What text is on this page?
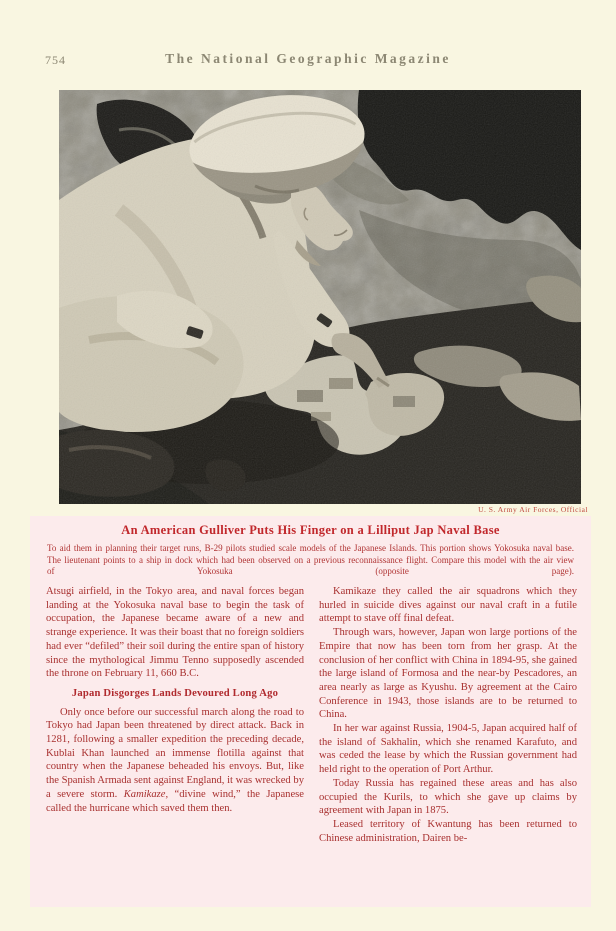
754	The National Geographic Magazine
U. S. Army Air Forces, Official
An American Gulliver Puts His Finger on a Lilliput Jap Naval Base
To aid them in planning their target runs, B-29 pilots studied scale models of the Japanese Islands. This portion shows Yokosuka naval base. The lieutenant points to a ship in dock which had been observed on a previous reconnaissance flight. Compare this model with the air view of Yokosuka (opposite page).

Atsugi airfield, in the Tokyo area, and naval forces began landing at the Yokosuka naval base to begin the task of occupation, the Japanese became aware of a new and strange experience. It was their boast that no foreign soldiers had ever “defiled” their soil during the entire span of history since the mythological Jimmu Tenno supposedly ascended the throne on February 11, 660 B.C.

Japan Disgorges Lands Devoured Long Ago

Only once before our successful march along the road to Tokyo had Japan been threatened by direct attack. Back in 1281, following a smaller expedition the preceding decade, Kublai Khan launched an immense flotilla against that country when the Japanese beheaded his envoys. But, like the Spanish Armada sent against England, it was wrecked by a severe storm. Kamikaze, “divine wind,” the Japanese called the hurricane which saved them then.

Kamikaze they called the air squadrons which they hurled in suicide dives against our naval craft in a futile attempt to stave off final defeat.

Through wars, however, Japan won large portions of the Empire that now has been torn from her grasp. At the conclusion of her conflict with China in 1894-95, she gained the large island of Formosa and the near-by Pescadores, an area nearly as large as Kyushu. By agreement at the Cairo Conference in 1943, those islands are to be returned to China.

In her war against Russia, 1904-5, Japan acquired half of the island of Sakhalin, which she renamed Karafuto, and was ceded the lease by which the Russian government had held right to the operation of Port Arthur.

Today Russia has regained these areas and has also occupied the Kurils, to which she gave up claims by agreement with Japan in 1875.

Leased territory of Kwantung has been returned to Chinese administration, Dairen be-
